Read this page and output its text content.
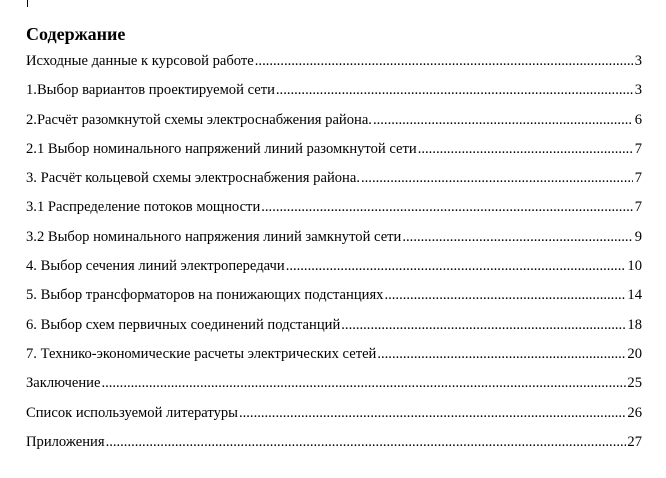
Содержание
Исходные данные к курсовой работе .....	3
1.Выбор вариантов проектируемой сети .....	3
2.Расчёт разомкнутой схемы электроснабжения района. .....	6
2.1 Выбор номинального напряжений линий разомкнутой сети .....	7
3. Расчёт кольцевой схемы электроснабжения района. .....	7
3.1 Распределение потоков мощности .....	7
3.2 Выбор номинального напряжения линий замкнутой сети .....	9
4. Выбор сечения линий электропередачи .....	10
5. Выбор трансформаторов на понижающих подстанциях .....	14
6. Выбор схем первичных соединений подстанций .....	18
7. Технико-экономические расчеты электрических сетей .....	20
Заключение .....	25
Список используемой литературы .....	26
Приложения .....	27
